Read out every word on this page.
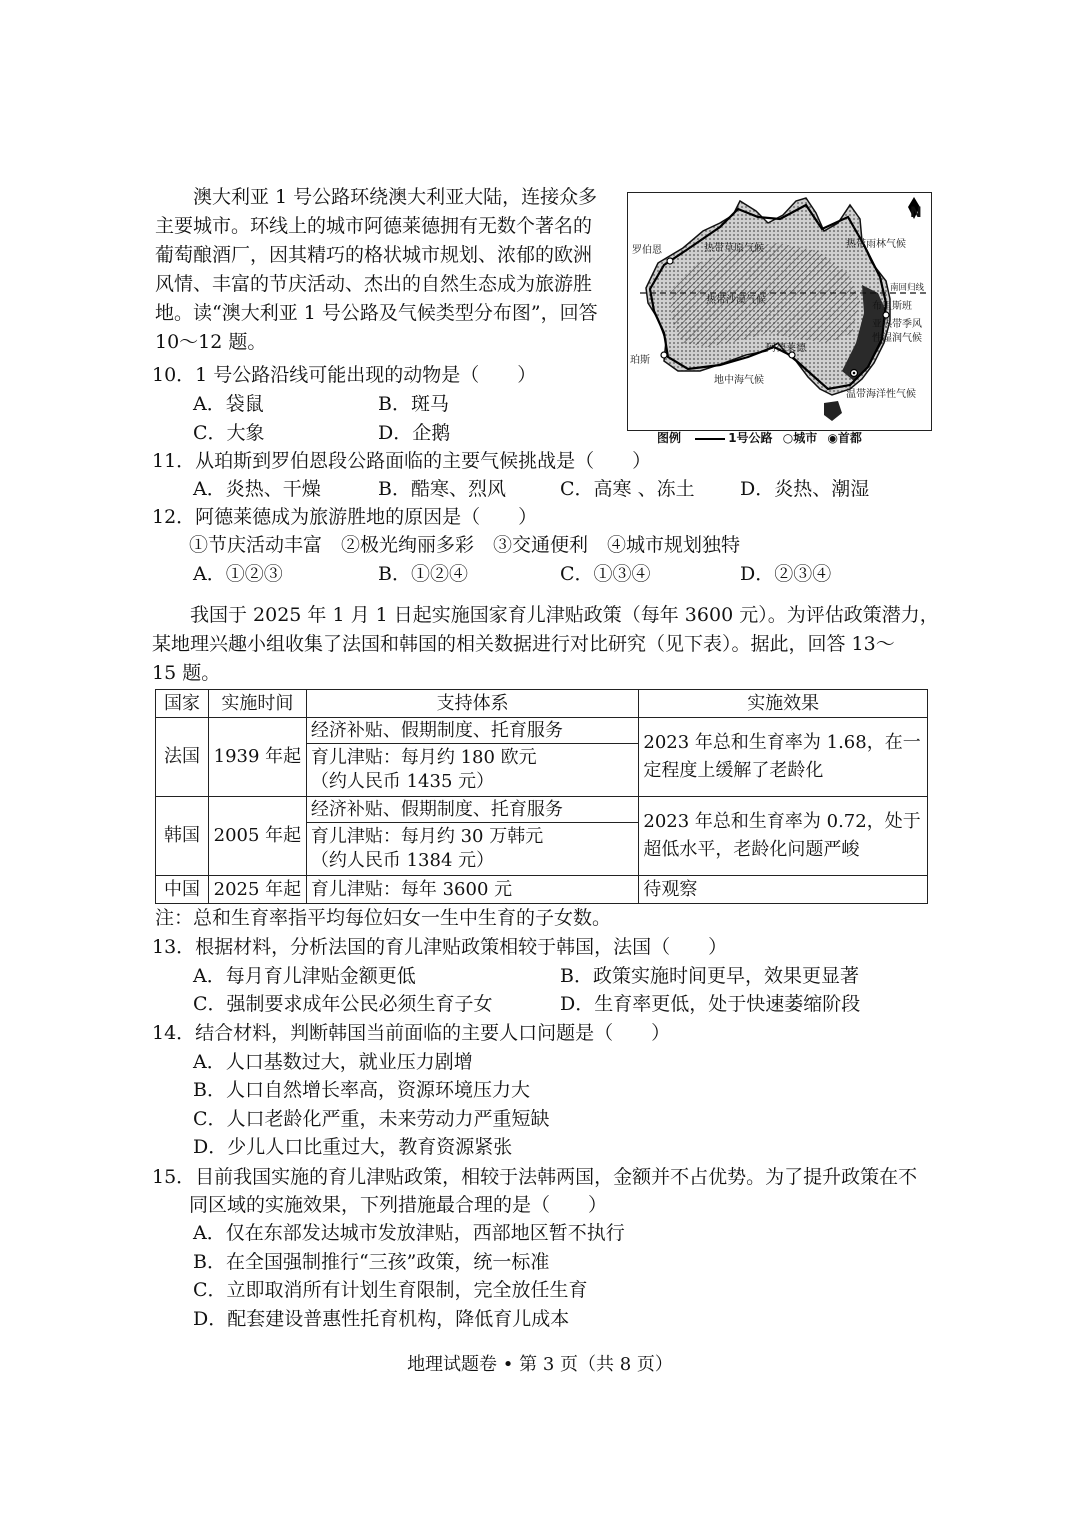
　　澳大利亚 1 号公路环绕澳大利亚大陆，连接众多
主要城市。环线上的城市阿德莱德拥有无数个著名的
葡萄酿酒厂，因其精巧的格状城市规划、浓郁的欧洲
风情、丰富的节庆活动、杰出的自然生态成为旅游胜
地。读“澳大利亚 1 号公路及气候类型分布图”，回答
10～12 题。
N
罗伯恩	热带草原气候	热带雨林气候
南回归线
热带沙漠气候
布里斯班
亚热带季风
性湿润气候
阿德莱德
珀斯
地中海气候
温带海洋性气候
图例	1号公路 ○城市 ◉首都
10．1 号公路沿线可能出现的动物是（　　）
A．袋鼠	B．斑马
C．大象	D．企鹅
11．从珀斯到罗伯恩段公路面临的主要气候挑战是（　　）
A．炎热、干燥	B．酷寒、烈风	C．高寒 、冻土 D．炎热、潮湿
12．阿德莱德成为旅游胜地的原因是（　　）
①节庆活动丰富　②极光绚丽多彩　③交通便利　④城市规划独特
A．①②③	B．①②④	C．①③④	D．②③④
　　我国于 2025 年 1 月 1 日起实施国家育儿津贴政策（每年 3600 元）。为评估政策潜力，
某地理兴趣小组收集了法国和韩国的相关数据进行对比研究（见下表）。据此，回答 13～
15 题。
国家	实施时间	支持体系	实施效果
法国	1939 年起	经济补贴、假期制度、托育服务	2023 年总和生育率为 1.68，在一定程度上缓解了老龄化

		育儿津贴：每月约 180 欧元
（约人民币 1435 元）	

韩国	2005 年起	经济补贴、假期制度、托育服务	2023 年总和生育率为 0.72，处于超低水平，老龄化问题严峻

		育儿津贴：每月约 30 万韩元
（约人民币 1384 元）	

中国	2025 年起	育儿津贴：每年 3600 元	待观察
注：总和生育率指平均每位妇女一生中生育的子女数。
13．根据材料，分析法国的育儿津贴政策相较于韩国，法国（　　）
A．每月育儿津贴金额更低	B．政策实施时间更早，效果更显著
C．强制要求成年公民必须生育子女	D．生育率更低，处于快速萎缩阶段
14．结合材料，判断韩国当前面临的主要人口问题是（　　）
A．人口基数过大，就业压力剧增
B．人口自然增长率高，资源环境压力大
C．人口老龄化严重，未来劳动力严重短缺
D．少儿人口比重过大，教育资源紧张
15．目前我国实施的育儿津贴政策，相较于法韩两国，金额并不占优势。为了提升政策在不
同区域的实施效果，下列措施最合理的是（　　）
A．仅在东部发达城市发放津贴，西部地区暂不执行
B．在全国强制推行“三孩”政策，统一标准
C．立即取消所有计划生育限制，完全放任生育
D．配套建设普惠性托育机构，降低育儿成本
地理试题卷 • 第 3 页（共 8 页）
